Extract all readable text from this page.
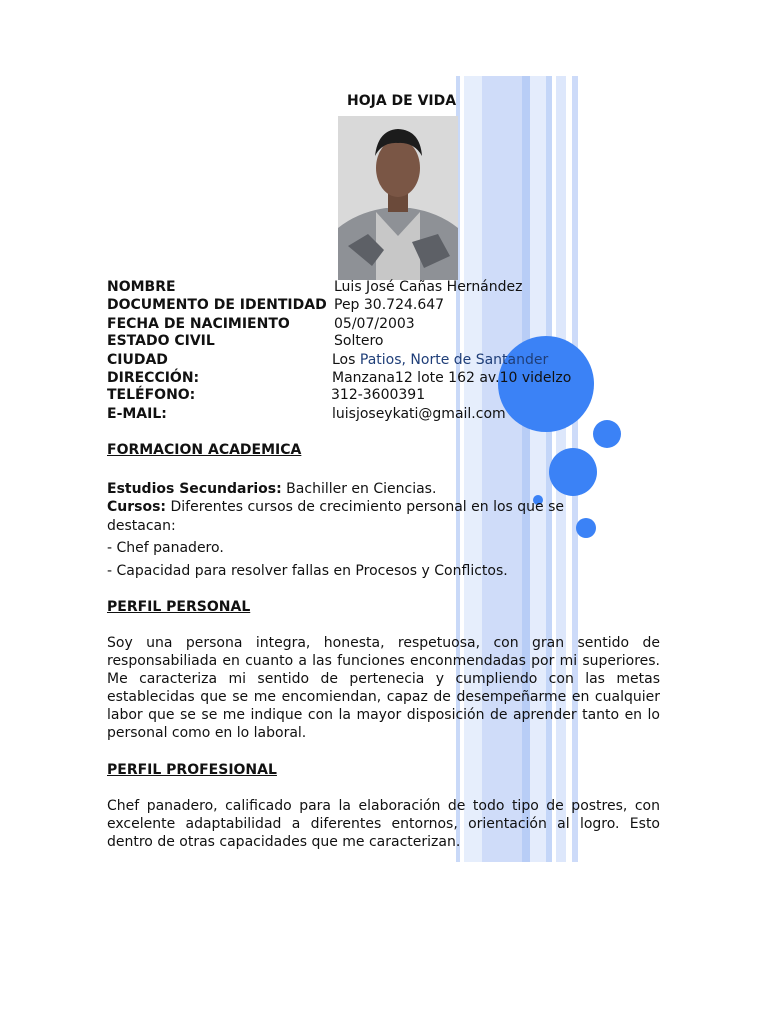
HOJA DE VIDA
NOMBRE	Luis José Cañas Hernández
DOCUMENTO DE IDENTIDAD Pep 30.724.647
FECHA DE NACIMIENTO	05/07/2003
ESTADO CIVIL	Soltero
CIUDAD	Los Patios, Norte de Santander
DIRECCIÓN:	Manzana12 lote 162 av.10 videlzo
TELÉFONO:	312-3600391
E-MAIL:	luisjoseykati@gmail.com
FORMACION ACADEMICA
Estudios Secundarios: Bachiller en Ciencias.
Cursos: Diferentes cursos de crecimiento personal en los que se
destacan:
- Chef panadero.
- Capacidad para resolver fallas en Procesos y Conflictos.
PERFIL PERSONAL
Soy una persona integra, honesta, respetuosa, con gran sentido de responsabiliada en cuanto a las funciones enconmendadas por mi superiores. Me caracteriza mi sentido de pertenecia y cumpliendo con las metas establecidas que se me encomiendan, capaz de desempeñarme en cualquier labor que se se me indique con la mayor disposición de aprender tanto en lo personal como en lo laboral.
PERFIL PROFESIONAL
Chef panadero, calificado para la elaboración de todo tipo de postres, con excelente adaptabilidad a diferentes entornos, orientación al logro. Esto dentro de otras capacidades que me caracterizan.
